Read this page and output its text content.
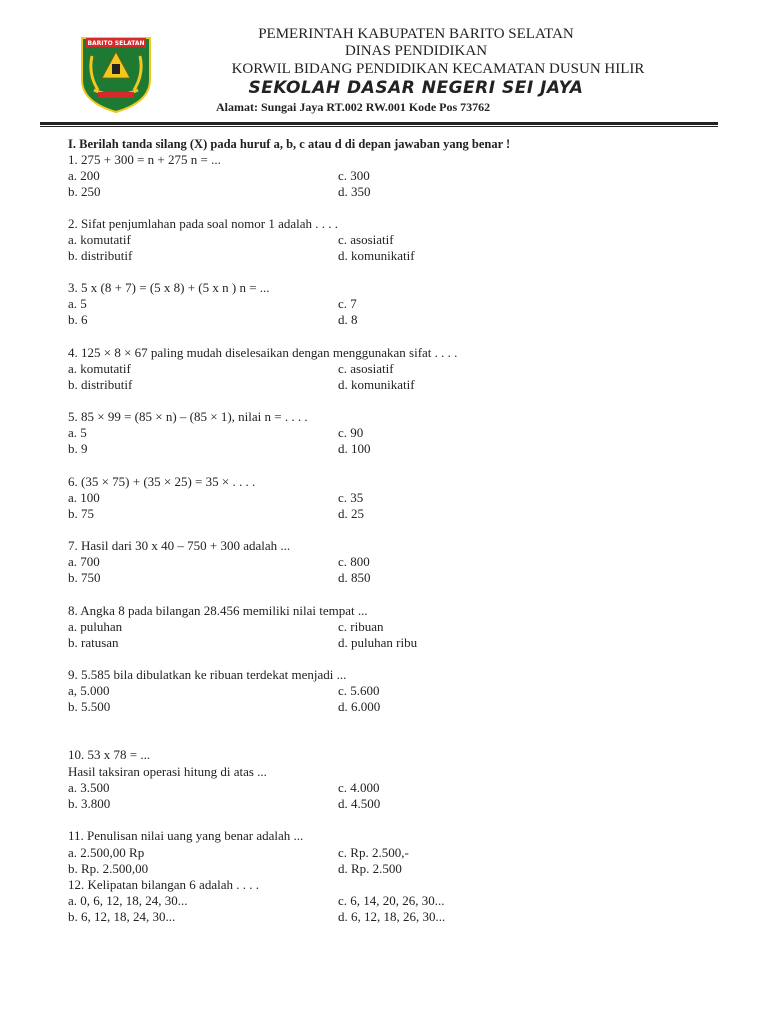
BARITO SELATAN
PEMERINTAH KABUPATEN BARITO SELATAN
DINAS PENDIDIKAN
KORWIL BIDANG PENDIDIKAN KECAMATAN DUSUN HILIR
SEKOLAH DASAR NEGERI SEI JAYA
Alamat: Sungai Jaya RT.002 RW.001 Kode Pos 73762
I. Berilah tanda silang (X) pada huruf a, b, c atau d di depan jawaban yang benar !
1. 275 + 300 = n + 275 n = ...
a. 200	c. 300
b. 250	d. 350
2. Sifat penjumlahan pada soal nomor 1 adalah . . . .
a. komutatif	c. asosiatif
b. distributif	d. komunikatif
3. 5 x (8 + 7) = (5 x 8) + (5 x n ) n = ...
a. 5	c. 7
b. 6	d. 8
4. 125 × 8 × 67 paling mudah diselesaikan dengan menggunakan sifat . . . .
a. komutatif	c. asosiatif
b. distributif	d. komunikatif
5. 85 × 99 = (85 × n) – (85 × 1), nilai n = . . . .
a. 5	c. 90
b. 9	d. 100
6. (35 × 75) + (35 × 25) = 35 × . . . .
a. 100	c. 35
b. 75	d. 25
7. Hasil dari 30 x 40 – 750 + 300 adalah ...
a. 700	c. 800
b. 750	d. 850
8. Angka 8 pada bilangan 28.456 memiliki nilai tempat ...
a. puluhan	c. ribuan
b. ratusan	d. puluhan ribu
9. 5.585 bila dibulatkan ke ribuan terdekat menjadi ...
a, 5.000	c. 5.600
b. 5.500	d. 6.000
10. 53 x 78 = ...
Hasil taksiran operasi hitung di atas ...
a. 3.500	c. 4.000
b. 3.800	d. 4.500
11. Penulisan nilai uang yang benar adalah ...
a. 2.500,00 Rp	c. Rp. 2.500,-
b. Rp. 2.500,00	d. Rp. 2.500
12. Kelipatan bilangan 6 adalah . . . .
a. 0, 6, 12, 18, 24, 30...	c. 6, 14, 20, 26, 30...
b. 6, 12, 18, 24, 30...	d. 6, 12, 18, 26, 30...
